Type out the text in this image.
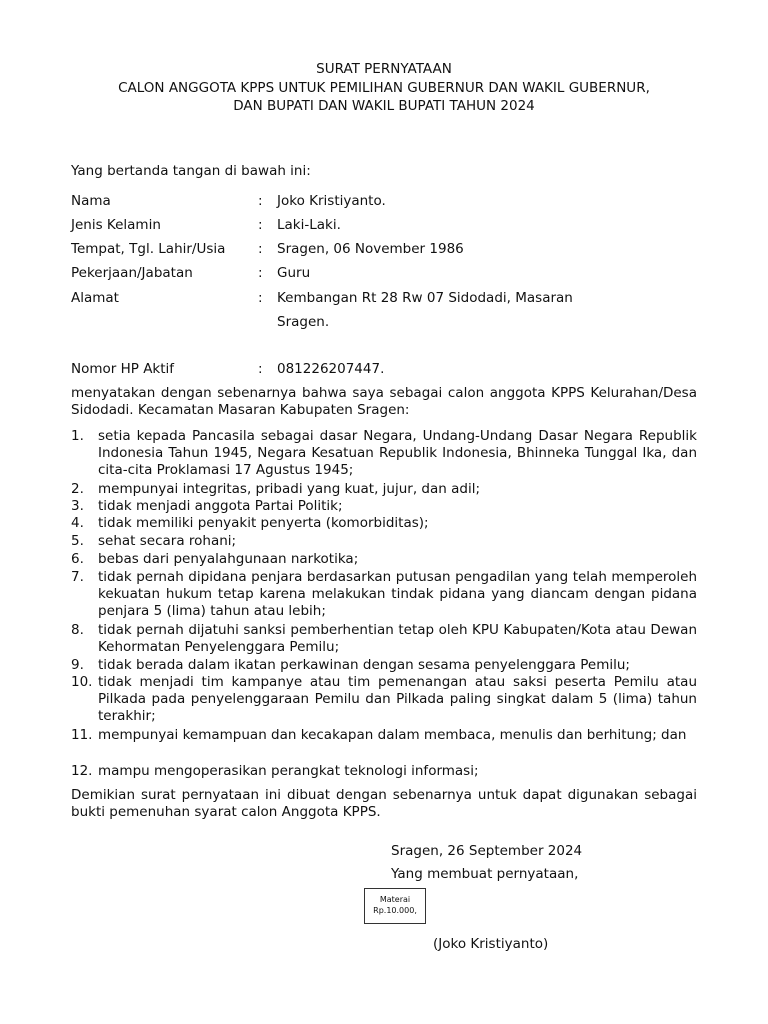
SURAT PERNYATAAN
CALON ANGGOTA KPPS UNTUK PEMILIHAN GUBERNUR DAN WAKIL GUBERNUR,
DAN BUPATI DAN WAKIL BUPATI TAHUN 2024
Yang bertanda tangan di bawah ini:
Nama	: Joko Kristiyanto.
Jenis Kelamin	: Laki-Laki.
Tempat, Tgl. Lahir/Usia : Sragen, 06 November 1986
Pekerjaan/Jabatan	: Guru
Alamat	: Kembangan Rt 28 Rw 07 Sidodadi, Masaran
Sragen.
Nomor HP Aktif	: 081226207447.
menyatakan dengan sebenarnya bahwa saya sebagai calon anggota KPPS Kelurahan/Desa Sidodadi. Kecamatan Masaran Kabupaten Sragen:
1.	setia kepada Pancasila sebagai dasar Negara, Undang-Undang Dasar Negara Republik Indonesia Tahun 1945, Negara Kesatuan Republik Indonesia, Bhinneka Tunggal Ika, dan cita-cita Proklamasi 17 Agustus 1945;
2.	mempunyai integritas, pribadi yang kuat, jujur, dan adil;
3.	tidak menjadi anggota Partai Politik;
4.	tidak memiliki penyakit penyerta (komorbiditas);
5.	sehat secara rohani;
6.	bebas dari penyalahgunaan narkotika;
7.	tidak pernah dipidana penjara berdasarkan putusan pengadilan yang telah memperoleh kekuatan hukum tetap karena melakukan tindak pidana yang diancam dengan pidana penjara 5 (lima) tahun atau lebih;
8.	tidak pernah dijatuhi sanksi pemberhentian tetap oleh KPU Kabupaten/Kota atau Dewan Kehormatan Penyelenggara Pemilu;
9.	tidak berada dalam ikatan perkawinan dengan sesama penyelenggara Pemilu;
10. tidak menjadi tim kampanye atau tim pemenangan atau saksi peserta Pemilu atau Pilkada pada penyelenggaraan Pemilu dan Pilkada paling singkat dalam 5 (lima) tahun terakhir;
11. mempunyai kemampuan dan kecakapan dalam membaca, menulis dan berhitung; dan
12. mampu mengoperasikan perangkat teknologi informasi;
Demikian surat pernyataan ini dibuat dengan sebenarnya untuk dapat digunakan sebagai bukti pemenuhan syarat calon Anggota KPPS.
Sragen, 26 September 2024
Yang membuat pernyataan,
Materai
Rp.10.000,
(Joko Kristiyanto)
